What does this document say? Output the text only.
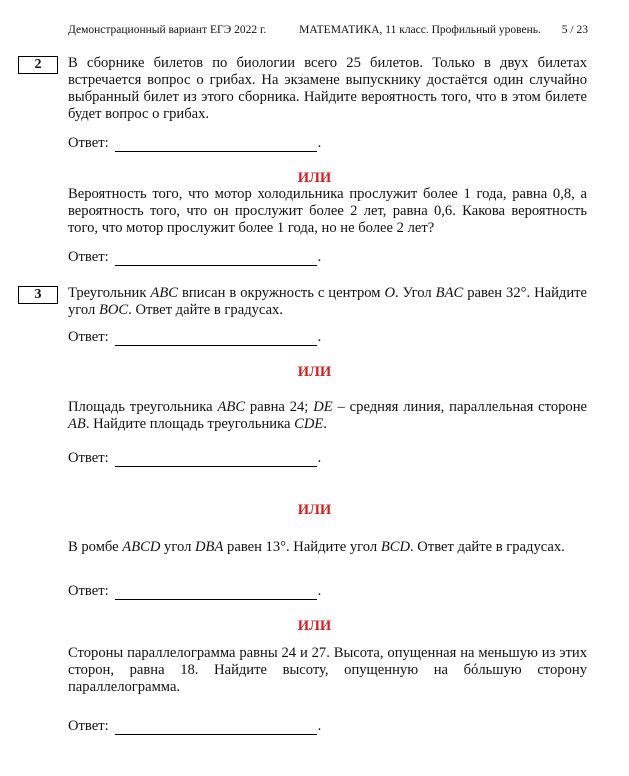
Демонстрационный вариант ЕГЭ 2022 г.	МАТЕМАТИКА, 11 класс. Профильный уровень. 5 / 23
2	В сборнике билетов по биологии всего 25 билетов. Только в двух билетах встречается вопрос о грибах. На экзамене выпускнику достаётся один случайно выбранный билет из этого сборника. Найдите вероятность того, что в этом билете будет вопрос о грибах.
Ответ:	.
ИЛИ
Вероятность того, что мотор холодильника прослужит более 1 года, равна 0,8, а вероятность того, что он прослужит более 2 лет, равна 0,6. Какова вероятность того, что мотор прослужит более 1 года, но не более 2 лет?
Ответ:	.
3	Треугольник ABC вписан в окружность с центром O. Угол BAC равен 32°. Найдите угол BOC. Ответ дайте в градусах.
Ответ:	.
ИЛИ
Площадь треугольника ABC равна 24; DE – средняя линия, параллельная стороне AB. Найдите площадь треугольника CDE.
Ответ:	.
ИЛИ
В ромбе ABCD угол DBA равен 13°. Найдите угол BCD. Ответ дайте в градусах.
Ответ:	.
ИЛИ
Стороны параллелограмма равны 24 и 27. Высота, опущенная на меньшую из этих сторон, равна 18. Найдите высоту, опущенную на бóльшую сторону параллелограмма.
Ответ:	.
